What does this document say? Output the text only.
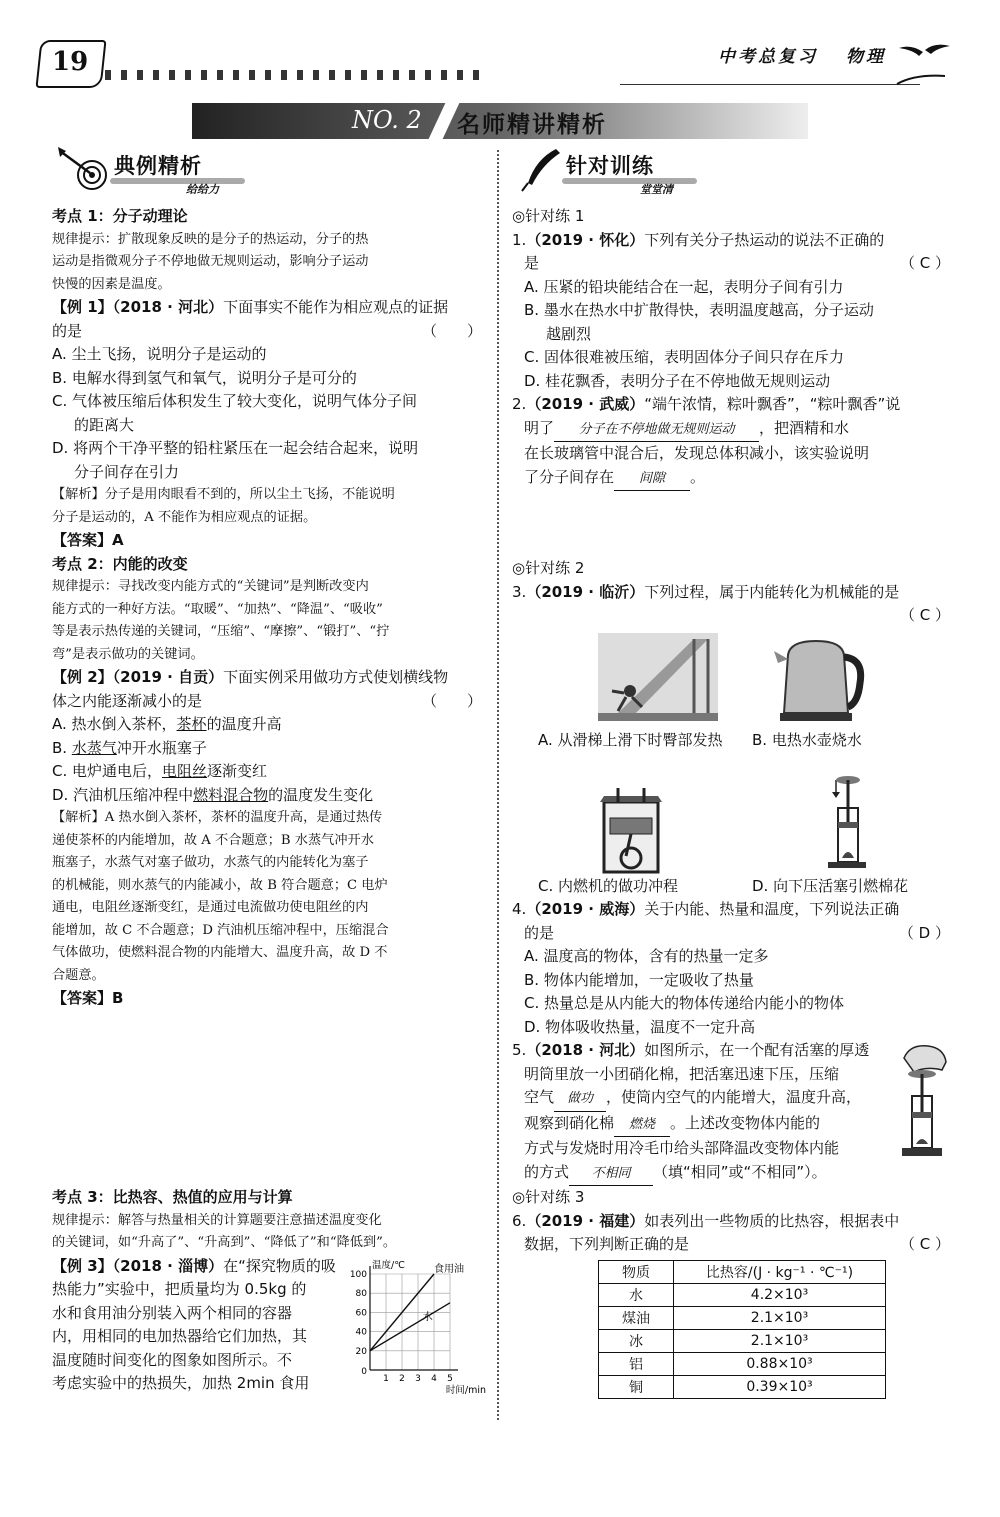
19	中考总复习 物理
NO. 2 名师精讲精析
典例精析
给给力
针对训练
堂堂清

考点 1：分子动理论

规律提示：扩散现象反映的是分子的热运动，分子的热

运动是指微观分子不停地做无规则运动，影响分子运动

快慢的因素是温度。

【例 1】（2018 · 河北）下面事实不能作为相应观点的证据

的是	（　　）

A. 尘土飞扬，说明分子是运动的

B. 电解水得到氢气和氧气，说明分子是可分的

C. 气体被压缩后体积发生了较大变化，说明气体分子间

的距离大

D. 将两个干净平整的铅柱紧压在一起会结合起来，说明

分子间存在引力

【解析】分子是用肉眼看不到的，所以尘土飞扬，不能说明

分子是运动的，A 不能作为相应观点的证据。

【答案】A

考点 2：内能的改变

规律提示：寻找改变内能方式的“关键词”是判断改变内

能方式的一种好方法。“取暖”、“加热”、“降温”、“吸收”

等是表示热传递的关键词，“压缩”、“摩擦”、“锻打”、“拧

弯”是表示做功的关键词。

【例 2】（2019 · 自贡）下面实例采用做功方式使划横线物

体之内能逐渐减小的是	（　　）

A. 热水倒入茶杯，茶杯的温度升高

B. 水蒸气冲开水瓶塞子

C. 电炉通电后，电阻丝逐渐变红

D. 汽油机压缩冲程中燃料混合物的温度发生变化

【解析】A 热水倒入茶杯，茶杯的温度升高，是通过热传

递使茶杯的内能增加，故 A 不合题意；B 水蒸气冲开水

瓶塞子，水蒸气对塞子做功，水蒸气的内能转化为塞子

的机械能，则水蒸气的内能减小，故 B 符合题意；C 电炉

通电，电阻丝逐渐变红，是通过电流做功使电阻丝的内

能增加，故 C 不合题意；D 汽油机压缩冲程中，压缩混合

气体做功，使燃料混合物的内能增大、温度升高，故 D 不

合题意。

【答案】B

考点 3：比热容、热值的应用与计算

规律提示：解答与热量相关的计算题要注意描述温度变化

的关键词，如“升高了”、“升高到”、“降低了”和“降低到”。

【例 3】（2018 · 淄博）在“探究物质的吸

热能力”实验中，把质量均为 0.5kg 的

水和食用油分别装入两个相同的容器

内，用相同的电加热器给它们加热，其

温度随时间变化的图象如图所示。不

考虑实验中的热损失，加热 2min 食用

20
40
60
80
100
0
1 2 3 4 5
温度/℃
时间/min
食用油
水

◎针对练 1

1.（2019 · 怀化）下列有关分子热运动的说法不正确的

是	（ C ）

A. 压紧的铅块能结合在一起，表明分子间有引力

B. 墨水在热水中扩散得快，表明温度越高，分子运动

越剧烈

C. 固体很难被压缩，表明固体分子间只存在斥力

D. 桂花飘香，表明分子在不停地做无规则运动

2.（2019 · 武威）“端午浓情，粽叶飘香”，“粽叶飘香”说

明了 分子在不停地做无规则运动 ，把酒精和水

在长玻璃管中混合后，发现总体积减小，该实验说明

了分子间存在 间隙 。

◎针对练 2

3.（2019 · 临沂）下列过程，属于内能转化为机械能的是

（ C ）

A. 从滑梯上滑下时臀部发热 B. 电热水壶烧水
C. 内燃机的做功冲程	D. 向下压活塞引燃棉花

4.（2019 · 威海）关于内能、热量和温度，下列说法正确

的是	（ D ）

A. 温度高的物体，含有的热量一定多

B. 物体内能增加，一定吸收了热量

C. 热量总是从内能大的物体传递给内能小的物体

D. 物体吸收热量，温度不一定升高

5.（2018 · 河北）如图所示，在一个配有活塞的厚透

明筒里放一小团硝化棉，把活塞迅速下压，压缩

空气 做功 ，使筒内空气的内能增大，温度升高，

观察到硝化棉 燃烧 。上述改变物体内能的

方式与发烧时用冷毛巾给头部降温改变物体内能

的方式 不相同 （填“相同”或“不相同”）。

◎针对练 3

6.（2019 · 福建）如表列出一些物质的比热容，根据表中

数据，下列判断正确的是	（ C ）

物质	比热容/(J · kg⁻¹ · ℃⁻¹)
水	4.2×10³
煤油	2.1×10³
冰	2.1×10³
铝	0.88×10³
铜	0.39×10³
